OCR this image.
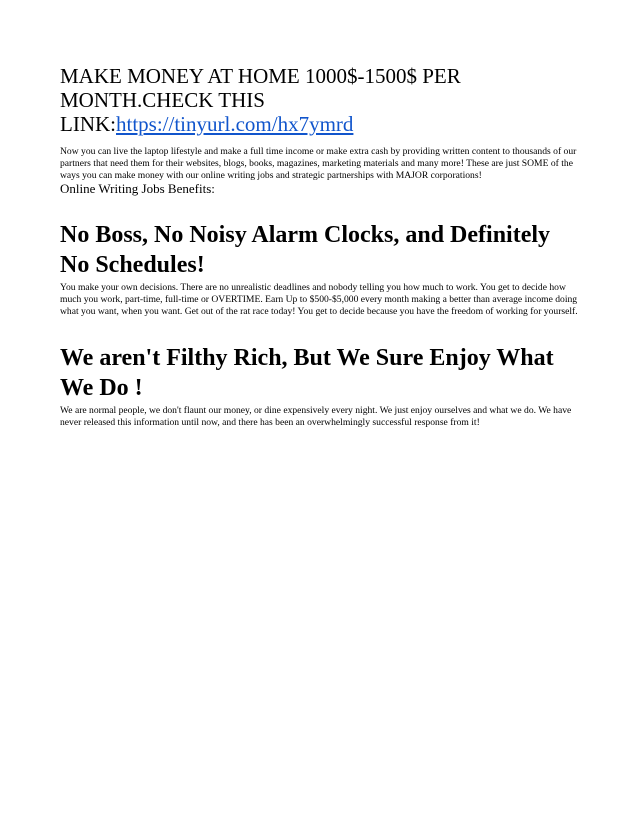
MAKE MONEY AT HOME 1000$-1500$ PER
MONTH.CHECK THIS
LINK:https://tinyurl.com/hx7ymrd

Now you can live the laptop lifestyle and make a full time income or make extra cash by providing written content to thousands of our partners that need them for their websites, blogs, books, magazines, marketing materials and many more! These are just SOME of the ways you can make money with our online writing jobs and strategic partnerships with MAJOR corporations!

Online Writing Jobs Benefits:

No Boss, No Noisy Alarm Clocks, and Definitely No Schedules!

You make your own decisions. There are no unrealistic deadlines and nobody telling you how much to work. You get to decide how much you work, part-time, full-time or OVERTIME. Earn Up to $500-$5,000 every month making a better than average income doing what you want, when you want. Get out of the rat race today! You get to decide because you have the freedom of working for yourself.

We aren't Filthy Rich, But We Sure Enjoy What We Do !

We are normal people, we don't flaunt our money, or dine expensively every night. We just enjoy ourselves and what we do. We have never released this information until now, and there has been an overwhelmingly successful response from it!
